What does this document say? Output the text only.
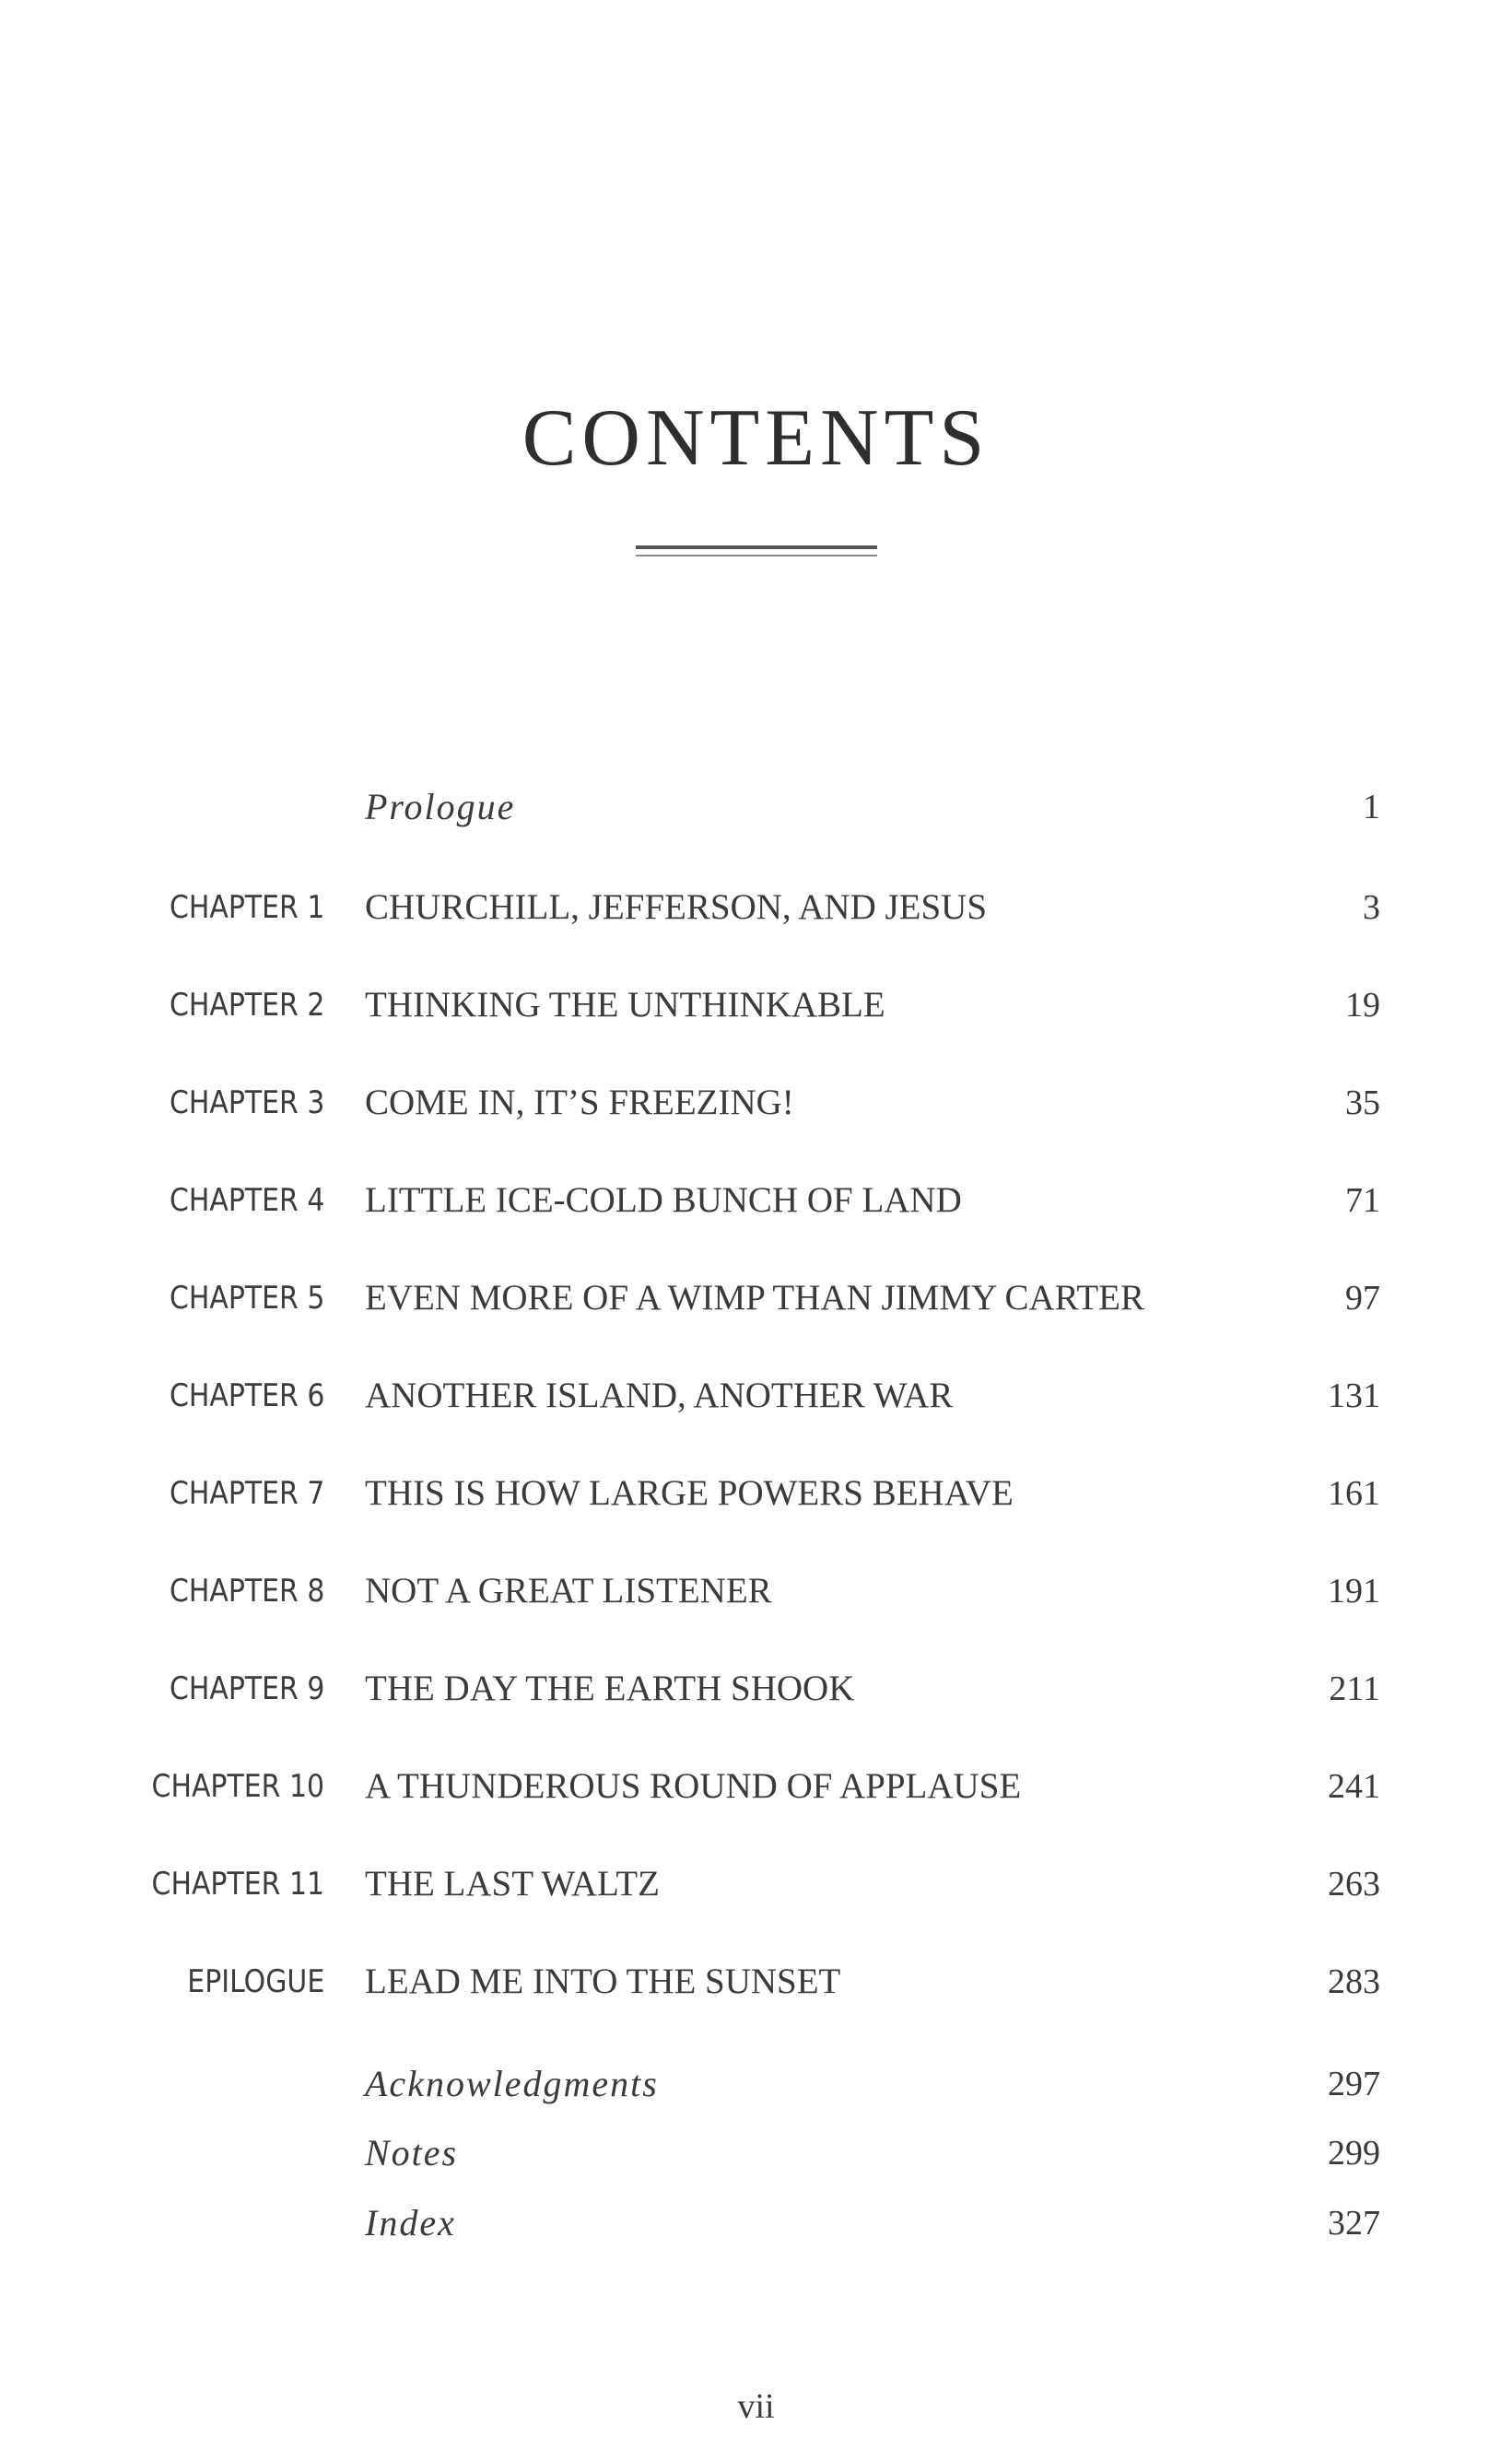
CONTENTS
Prologue	1
CHAPTER 1 CHURCHILL, JEFFERSON, AND JESUS	3
CHAPTER 2 THINKING THE UNTHINKABLE	19
CHAPTER 3 COME IN, IT’S FREEZING!	35
CHAPTER 4 LITTLE ICE-COLD BUNCH OF LAND	71
CHAPTER 5 EVEN MORE OF A WIMP THAN JIMMY CARTER	97
CHAPTER 6 ANOTHER ISLAND, ANOTHER WAR	131
CHAPTER 7 THIS IS HOW LARGE POWERS BEHAVE	161
CHAPTER 8 NOT A GREAT LISTENER	191
CHAPTER 9 THE DAY THE EARTH SHOOK	211
CHAPTER 10 A THUNDEROUS ROUND OF APPLAUSE	241
CHAPTER 11 THE LAST WALTZ	263
EPILOGUE LEAD ME INTO THE SUNSET	283
Acknowledgments	297
Notes	299
Index	327
vii
